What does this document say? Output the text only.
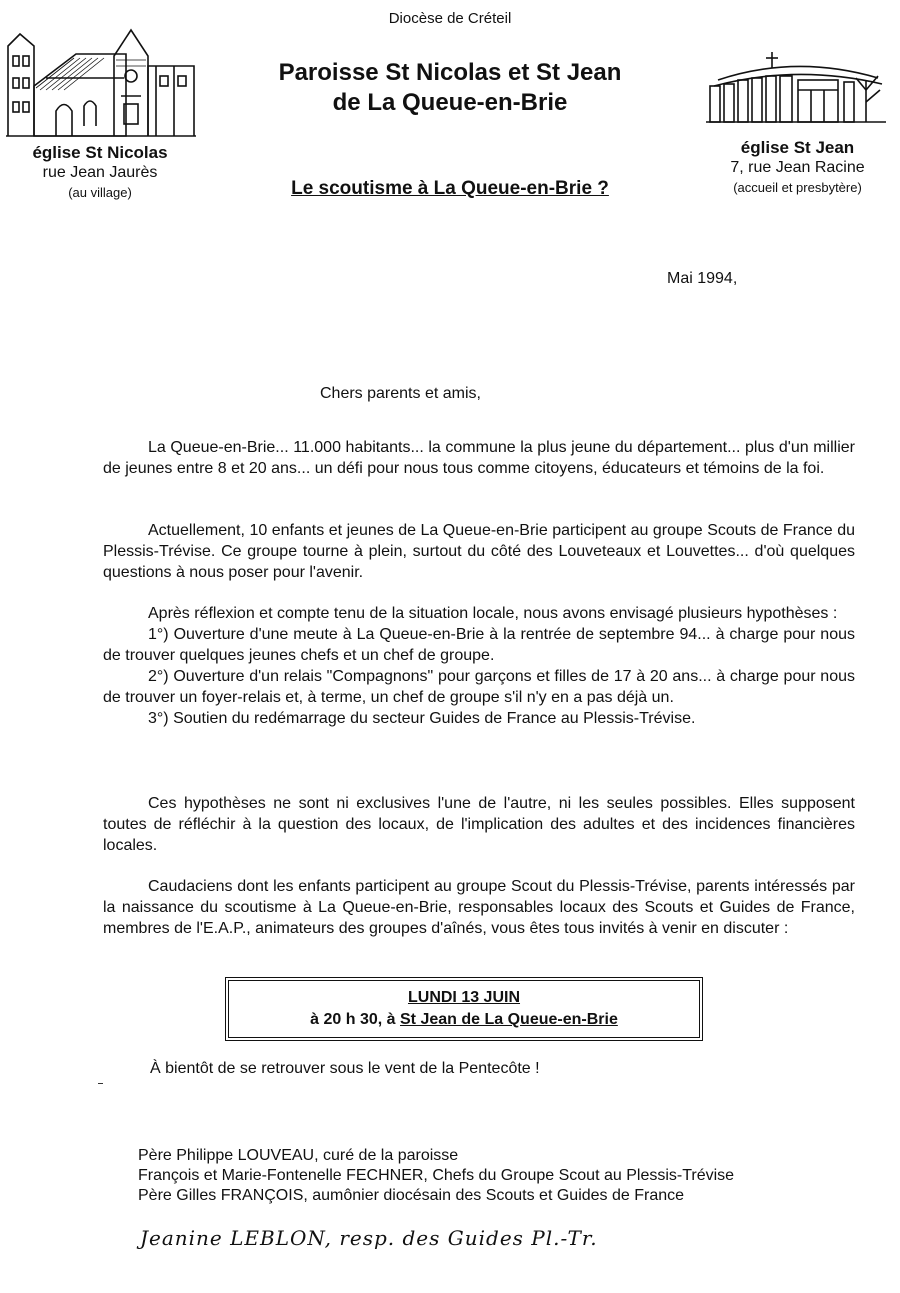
Diocèse de Créteil
Paroisse St Nicolas et St Jean
de La Queue-en-Brie
Le scoutisme à La Queue-en-Brie ?
église St Nicolas
rue Jean Jaurès
(au village)
église St Jean
7, rue Jean Racine
(accueil et presbytère)
Mai 1994,
Chers parents et amis,
La Queue-en-Brie... 11.000 habitants... la commune la plus jeune du département... plus d'un millier de jeunes entre 8 et 20 ans... un défi pour nous tous comme citoyens, éducateurs et témoins de la foi.
Actuellement, 10 enfants et jeunes de La Queue-en-Brie participent au groupe Scouts de France du Plessis-Trévise. Ce groupe tourne à plein, surtout du côté des Louveteaux et Louvettes... d'où quelques questions à nous poser pour l'avenir.
Après réflexion et compte tenu de la situation locale, nous avons envisagé plusieurs hypothèses :
1°) Ouverture d'une meute à La Queue-en-Brie à la rentrée de septembre 94... à charge pour nous de trouver quelques jeunes chefs et un chef de groupe.
2°) Ouverture d'un relais "Compagnons" pour garçons et filles de 17 à 20 ans... à charge pour nous de trouver un foyer-relais et, à terme, un chef de groupe s'il n'y en a pas déjà un.
3°) Soutien du redémarrage du secteur Guides de France au Plessis-Trévise.
Ces hypothèses ne sont ni exclusives l'une de l'autre, ni les seules possibles. Elles supposent toutes de réfléchir à la question des locaux, de l'implication des adultes et des incidences financières locales.
Caudaciens dont les enfants participent au groupe Scout du Plessis-Trévise, parents intéressés par la naissance du scoutisme à La Queue-en-Brie, responsables locaux des Scouts et Guides de France, membres de l'E.A.P., animateurs des groupes d'aînés, vous êtes tous invités à venir en discuter :
LUNDI 13 JUIN
à 20 h 30, à St Jean de La Queue-en-Brie
À bientôt de se retrouver sous le vent de la Pentecôte !
Père Philippe LOUVEAU, curé de la paroisse
François et Marie-Fontenelle FECHNER, Chefs du Groupe Scout au Plessis-Trévise
Père Gilles FRANÇOIS, aumônier diocésain des Scouts et Guides de France
Jeanine LEBLON, resp. des Guides Pl.-Tr.
